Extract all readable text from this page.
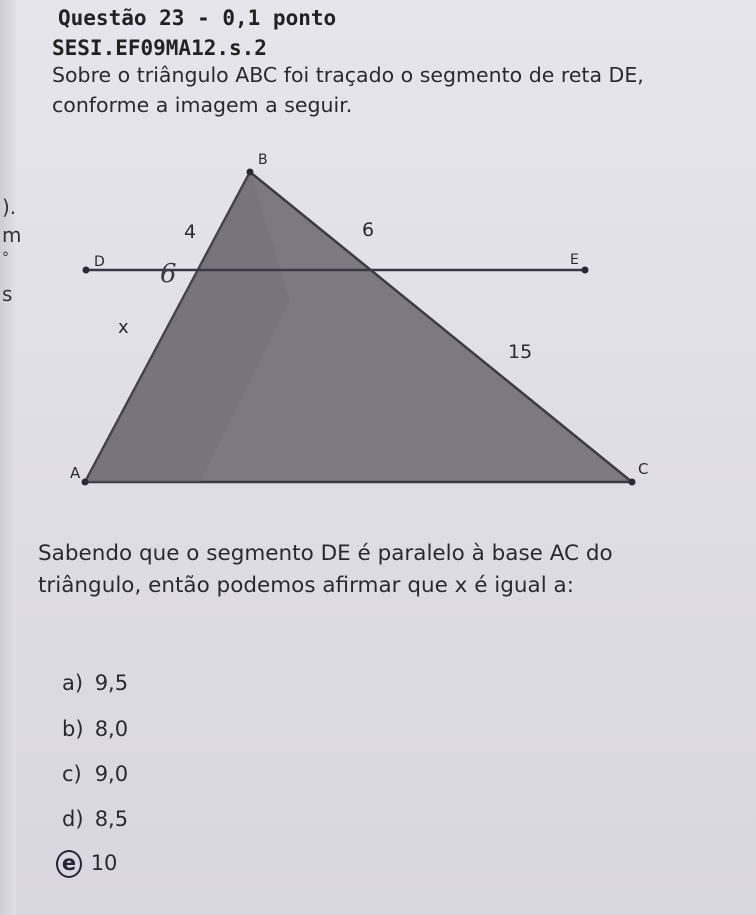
).
m
°
s
Questão 23 - 0,1 ponto
SESI.EF09MA12.s.2
Sobre o triângulo ABC foi traçado o segmento de reta DE, conforme a imagem a seguir.
B
D	E
A	C
4	6
x
15
6
Sabendo que o segmento DE é paralelo à base AC do triângulo, então podemos afirmar que x é igual a:
a) 9,5
b) 8,0
c) 9,0
d) 8,5
e 10
